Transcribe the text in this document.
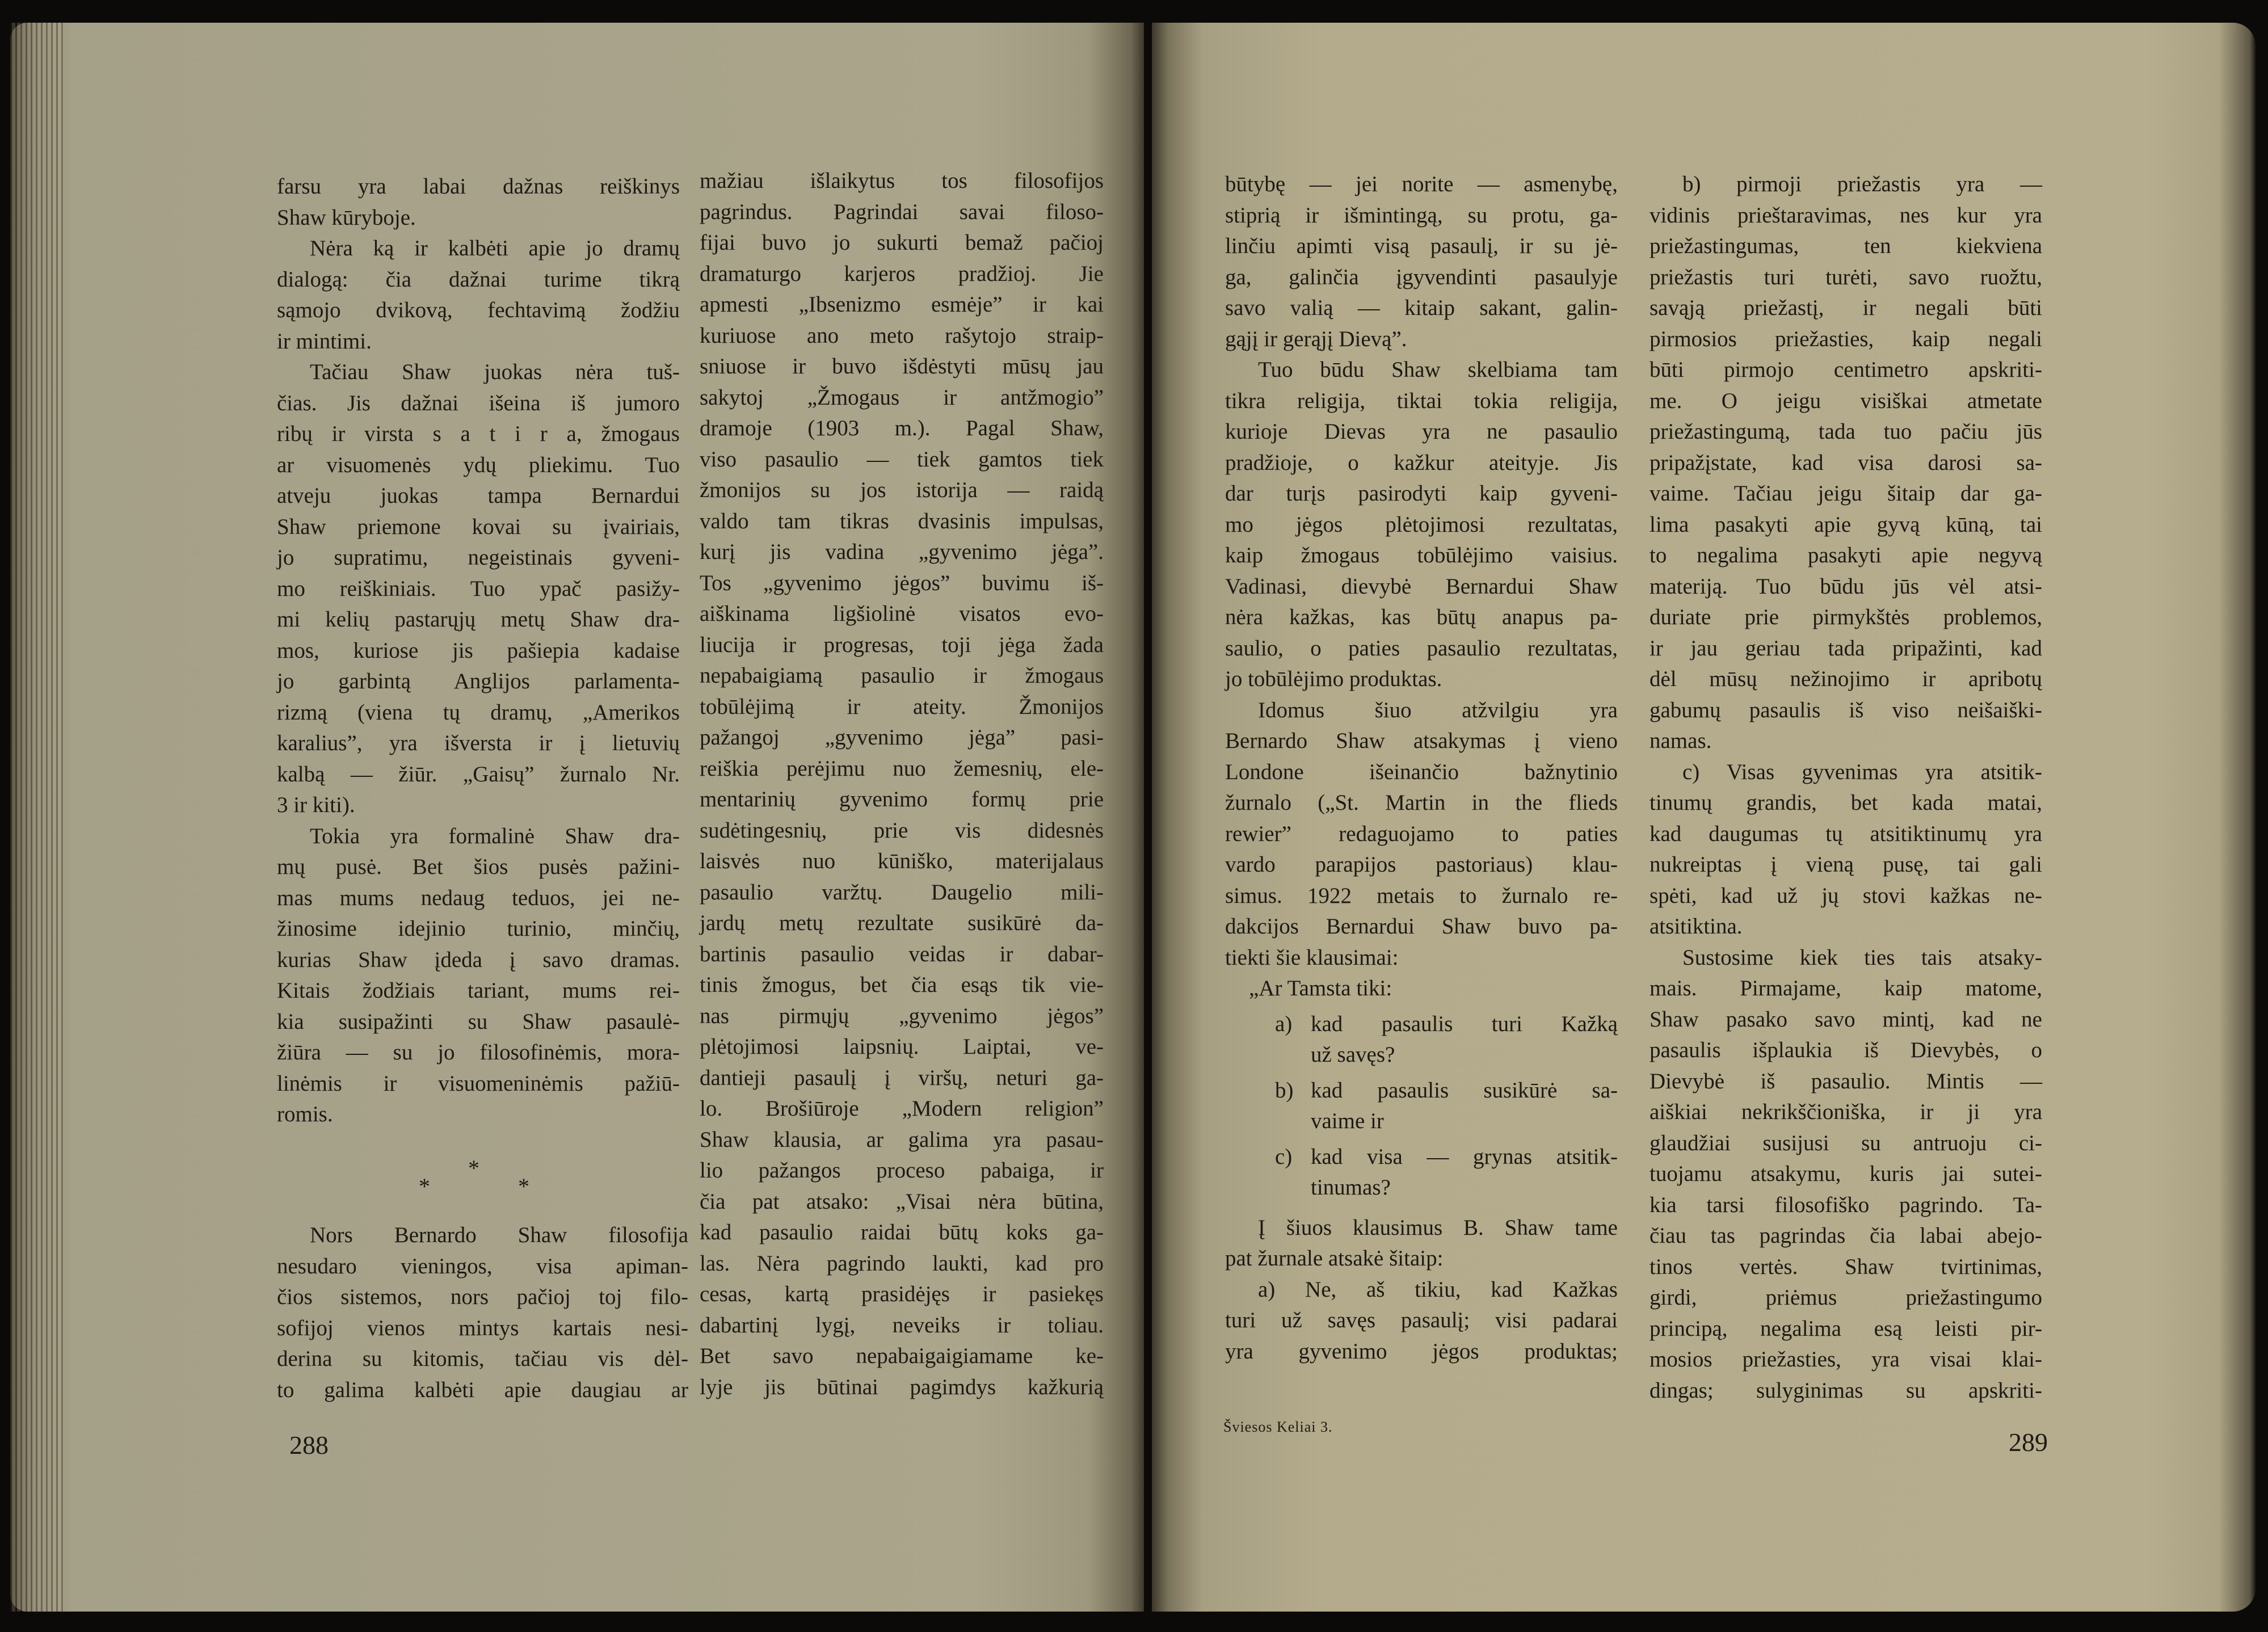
farsu yra labai dažnas reiškinys
Shaw kūryboje.
Nėra ką ir kalbėti apie jo dramų
dialogą: čia dažnai turime tikrą
sąmojo dvikovą, fechtavimą žodžiu
ir mintimi.
Tačiau Shaw juokas nėra tuš-
čias. Jis dažnai išeina iš jumoro
ribų ir virsta s a t i r a, žmogaus
ar visuomenės ydų pliekimu. Tuo
atveju juokas tampa Bernardui
Shaw priemone kovai su įvairiais,
jo supratimu, negeistinais gyveni-
mo reiškiniais. Tuo ypač pasižy-
mi kelių pastarųjų metų Shaw dra-
mos, kuriose jis pašiepia kadaise
jo garbintą Anglijos parlamenta-
rizmą (viena tų dramų, „Amerikos
karalius”, yra išversta ir į lietuvių
kalbą — žiūr. „Gaisų” žurnalo Nr.
3 ir kiti).
Tokia yra formalinė Shaw dra-
mų pusė. Bet šios pusės pažini-
mas mums nedaug teduos, jei ne-
žinosime idejinio turinio, minčių,
kurias Shaw įdeda į savo dramas.
Kitais žodžiais tariant, mums rei-
kia susipažinti su Shaw pasaulė-
žiūra — su jo filosofinėmis, mora-
linėmis ir visuomeninėmis pažiū-
romis.
*
*	*
Nors Bernardo Shaw filosofija
nesudaro vieningos, visa apiman-
čios sistemos, nors pačioj toj filo-
sofijoj vienos mintys kartais nesi-
derina su kitomis, tačiau vis dėl-
to galima kalbėti apie daugiau ar
mažiau išlaikytus tos filosofijos
pagrindus. Pagrindai savai filoso-
fijai buvo jo sukurti bemaž pačioj
dramaturgo karjeros pradžioj. Jie
apmesti „Ibsenizmo esmėje” ir kai
kuriuose ano meto rašytojo straip-
sniuose ir buvo išdėstyti mūsų jau
sakytoj „Žmogaus ir antžmogio”
dramoje (1903 m.). Pagal Shaw,
viso pasaulio — tiek gamtos tiek
žmonijos su jos istorija — raidą
valdo tam tikras dvasinis impulsas,
kurį jis vadina „gyvenimo jėga”.
Tos „gyvenimo jėgos” buvimu iš-
aiškinama ligšiolinė visatos evo-
liucija ir progresas, toji jėga žada
nepabaigiamą pasaulio ir žmogaus
tobūlėjimą ir ateity. Žmonijos
pažangoj „gyvenimo jėga” pasi-
reiškia perėjimu nuo žemesnių, ele-
mentarinių gyvenimo formų prie
sudėtingesnių, prie vis didesnės
laisvės nuo kūniško, materijalaus
pasaulio varžtų. Daugelio mili-
jardų metų rezultate susikūrė da-
bartinis pasaulio veidas ir dabar-
tinis žmogus, bet čia esąs tik vie-
nas pirmųjų „gyvenimo jėgos”
plėtojimosi laipsnių. Laiptai, ve-
dantieji pasaulį į viršų, neturi ga-
lo. Brošiūroje „Modern religion”
Shaw klausia, ar galima yra pasau-
lio pažangos proceso pabaiga, ir
čia pat atsako: „Visai nėra būtina,
kad pasaulio raidai būtų koks ga-
las. Nėra pagrindo laukti, kad pro
cesas, kartą prasidėjęs ir pasiekęs
dabartinį lygį, neveiks ir toliau.
Bet savo nepabaigaigiamame ke-
lyje jis būtinai pagimdys kažkurią
288
būtybę — jei norite — asmenybę,
stiprią ir išmintingą, su protu, ga-
linčiu apimti visą pasaulį, ir su jė-
ga, galinčia įgyvendinti pasaulyje
savo valią — kitaip sakant, galin-
gąjį ir gerąjį Dievą”.
Tuo būdu Shaw skelbiama tam
tikra religija, tiktai tokia religija,
kurioje Dievas yra ne pasaulio
pradžioje, o kažkur ateityje. Jis
dar turįs pasirodyti kaip gyveni-
mo jėgos plėtojimosi rezultatas,
kaip žmogaus tobūlėjimo vaisius.
Vadinasi, dievybė Bernardui Shaw
nėra kažkas, kas būtų anapus pa-
saulio, o paties pasaulio rezultatas,
jo tobūlėjimo produktas.
Idomus šiuo atžvilgiu yra
Bernardo Shaw atsakymas į vieno
Londone išeinančio bažnytinio
žurnalo („St. Martin in the flieds
rewier” redaguojamo to paties
vardo parapijos pastoriaus) klau-
simus. 1922 metais to žurnalo re-
dakcijos Bernardui Shaw buvo pa-
tiekti šie klausimai:
„Ar Tamsta tiki:
a) kad pasaulis turi Kažką
už savęs?
b) kad pasaulis susikūrė sa-
vaime ir
c) kad visa — grynas atsitik-
tinumas?
Į šiuos klausimus B. Shaw tame
pat žurnale atsakė šitaip:
a) Ne, aš tikiu, kad Kažkas
turi už savęs pasaulį; visi padarai
yra gyvenimo jėgos produktas;
b) pirmoji priežastis yra —
vidinis prieštaravimas, nes kur yra
priežastingumas, ten kiekviena
priežastis turi turėti, savo ruožtu,
savąją priežastį, ir negali būti
pirmosios priežasties, kaip negali
būti pirmojo centimetro apskriti-
me. O jeigu visiškai atmetate
priežastingumą, tada tuo pačiu jūs
pripažįstate, kad visa darosi sa-
vaime. Tačiau jeigu šitaip dar ga-
lima pasakyti apie gyvą kūną, tai
to negalima pasakyti apie negyvą
materiją. Tuo būdu jūs vėl atsi-
duriate prie pirmykštės problemos,
ir jau geriau tada pripažinti, kad
dėl mūsų nežinojimo ir apribotų
gabumų pasaulis iš viso neišaiški-
namas.
c) Visas gyvenimas yra atsitik-
tinumų grandis, bet kada matai,
kad daugumas tų atsitiktinumų yra
nukreiptas į vieną pusę, tai gali
spėti, kad už jų stovi kažkas ne-
atsitiktina.
Sustosime kiek ties tais atsaky-
mais. Pirmajame, kaip matome,
Shaw pasako savo mintį, kad ne
pasaulis išplaukia iš Dievybės, o
Dievybė iš pasaulio. Mintis —
aiškiai nekrikščioniška, ir ji yra
glaudžiai susijusi su antruoju ci-
tuojamu atsakymu, kuris jai sutei-
kia tarsi filosofiško pagrindo. Ta-
čiau tas pagrindas čia labai abejo-
tinos vertės. Shaw tvirtinimas,
girdi, priėmus priežastingumo
principą, negalima esą leisti pir-
mosios priežasties, yra visai klai-
dingas; sulyginimas su apskriti-
Šviesos Keliai 3.
289
